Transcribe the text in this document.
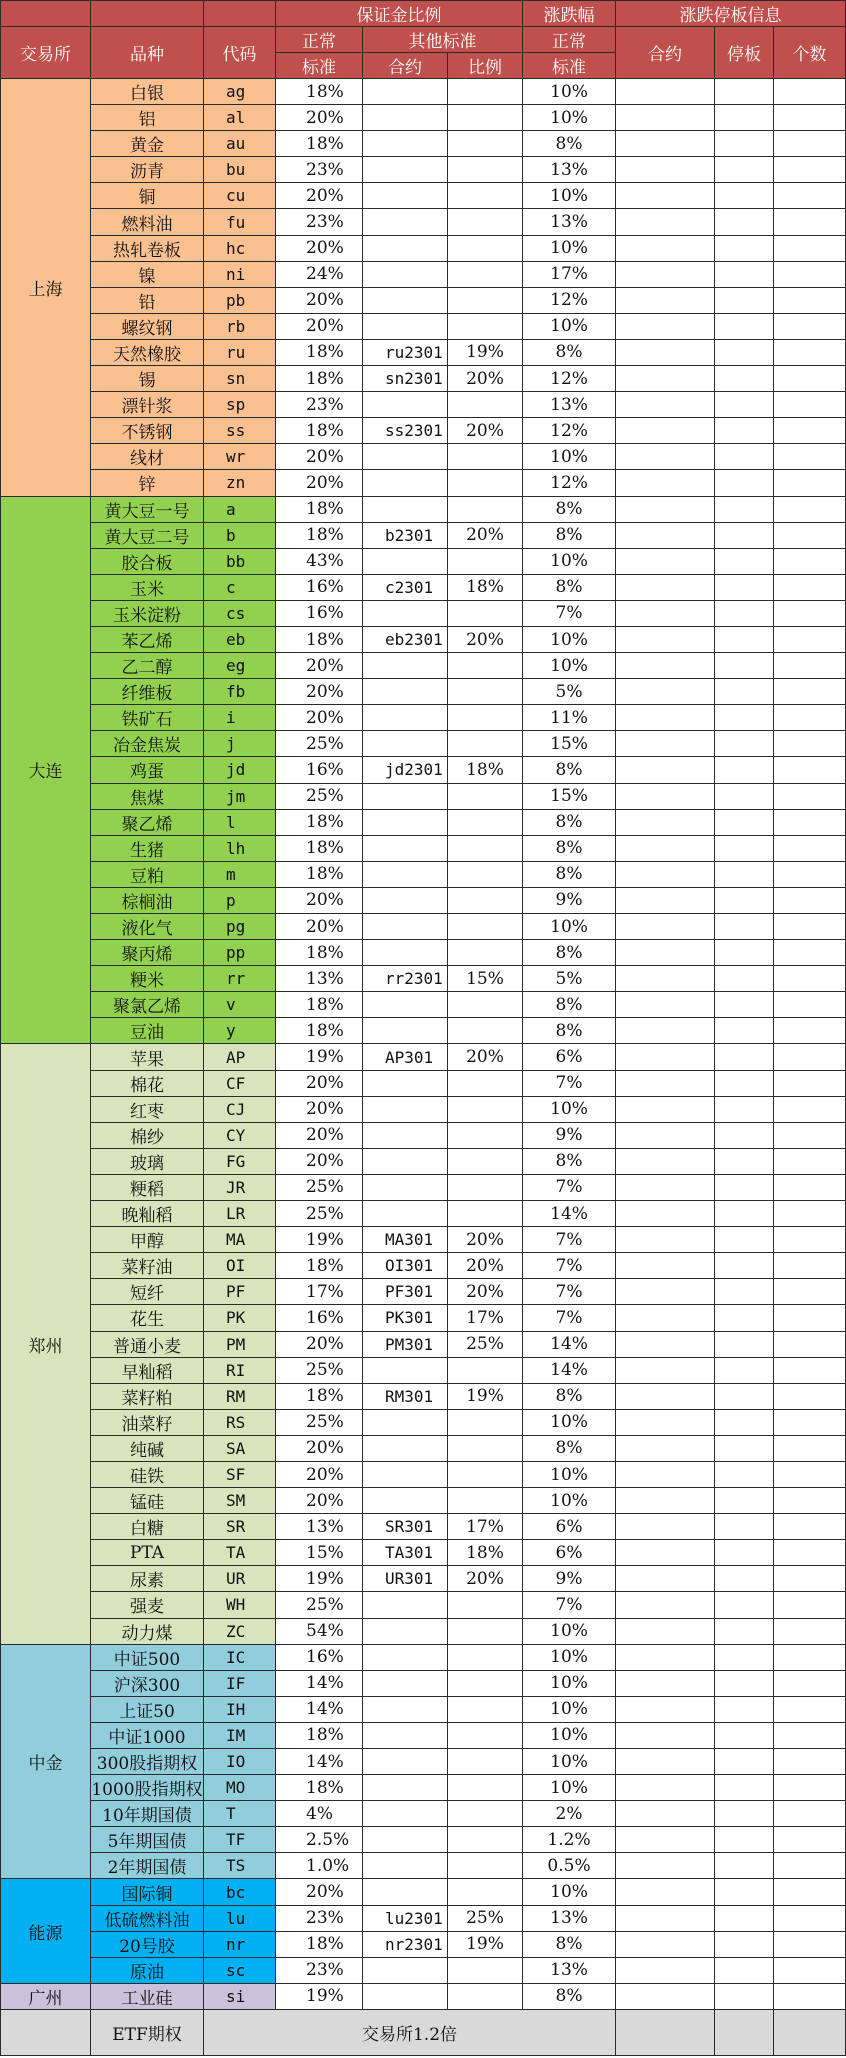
			保证金比例			涨跌幅	涨跌停板信息		
交易所	品种	代码	正常	其他标准		正常	合约	停板	个数
			标准	合约	比例	标准			
上海	白银	ag	18%			10%			
	铝	al	20%			10%			
	黄金	au	18%			8%			
	沥青	bu	23%			13%			
	铜	cu	20%			10%			
	燃料油	fu	23%			13%			
	热轧卷板	hc	20%			10%			
	镍	ni	24%			17%			
	铅	pb	20%			12%			
	螺纹钢	rb	20%			10%			
	天然橡胶	ru	18%	ru2301	19%	8%			
	锡	sn	18%	sn2301	20%	12%			
	漂针浆	sp	23%			13%			
	不锈钢	ss	18%	ss2301	20%	12%			
	线材	wr	20%			10%			
	锌	zn	20%			12%			
大连	黄大豆一号	a	18%			8%			
	黄大豆二号	b	18%	b2301	20%	8%			
	胶合板	bb	43%			10%			
	玉米	c	16%	c2301	18%	8%			
	玉米淀粉	cs	16%			7%			
	苯乙烯	eb	18%	eb2301	20%	10%			
	乙二醇	eg	20%			10%			
	纤维板	fb	20%			5%			
	铁矿石	i	20%			11%			
	冶金焦炭	j	25%			15%			
	鸡蛋	jd	16%	jd2301	18%	8%			
	焦煤	jm	25%			15%			
	聚乙烯	l	18%			8%			
	生猪	lh	18%			8%			
	豆粕	m	18%			8%			
	棕榈油	p	20%			9%			
	液化气	pg	20%			10%			
	聚丙烯	pp	18%			8%			
	粳米	rr	13%	rr2301	15%	5%			
	聚氯乙烯	v	18%			8%			
	豆油	y	18%			8%			
郑州	苹果	AP	19%	AP301	20%	6%			
	棉花	CF	20%			7%			
	红枣	CJ	20%			10%			
	棉纱	CY	20%			9%			
	玻璃	FG	20%			8%			
	粳稻	JR	25%			7%			
	晚籼稻	LR	25%			14%			
	甲醇	MA	19%	MA301	20%	7%			
	菜籽油	OI	18%	OI301	20%	7%			
	短纤	PF	17%	PF301	20%	7%			
	花生	PK	16%	PK301	17%	7%			
	普通小麦	PM	20%	PM301	25%	14%			
	早籼稻	RI	25%			14%			
	菜籽粕	RM	18%	RM301	19%	8%			
	油菜籽	RS	25%			10%			
	纯碱	SA	20%			8%			
	硅铁	SF	20%			10%			
	锰硅	SM	20%			10%			
	白糖	SR	13%	SR301	17%	6%			
	PTA	TA	15%	TA301	18%	6%			
	尿素	UR	19%	UR301	20%	9%			
	强麦	WH	25%			7%			
	动力煤	ZC	54%			10%			
中金	中证500	IC	16%			10%			
	沪深300	IF	14%			10%			
	上证50	IH	14%			10%			
	中证1000	IM	18%			10%			
	300股指期权	IO	14%			10%			
	1000股指期权	MO	18%			10%			
	10年期国债	T	4%			2%			
	5年期国债	TF	2.5%			1.2%			
	2年期国债	TS	1.0%			0.5%			
能源	国际铜	bc	20%			10%			
	低硫燃料油	lu	23%	lu2301	25%	13%			
	20号胶	nr	18%	nr2301	19%	8%			
	原油	sc	23%			13%			
广州	工业硅	si	19%			8%			
	ETF期权	交易所1.2倍							
